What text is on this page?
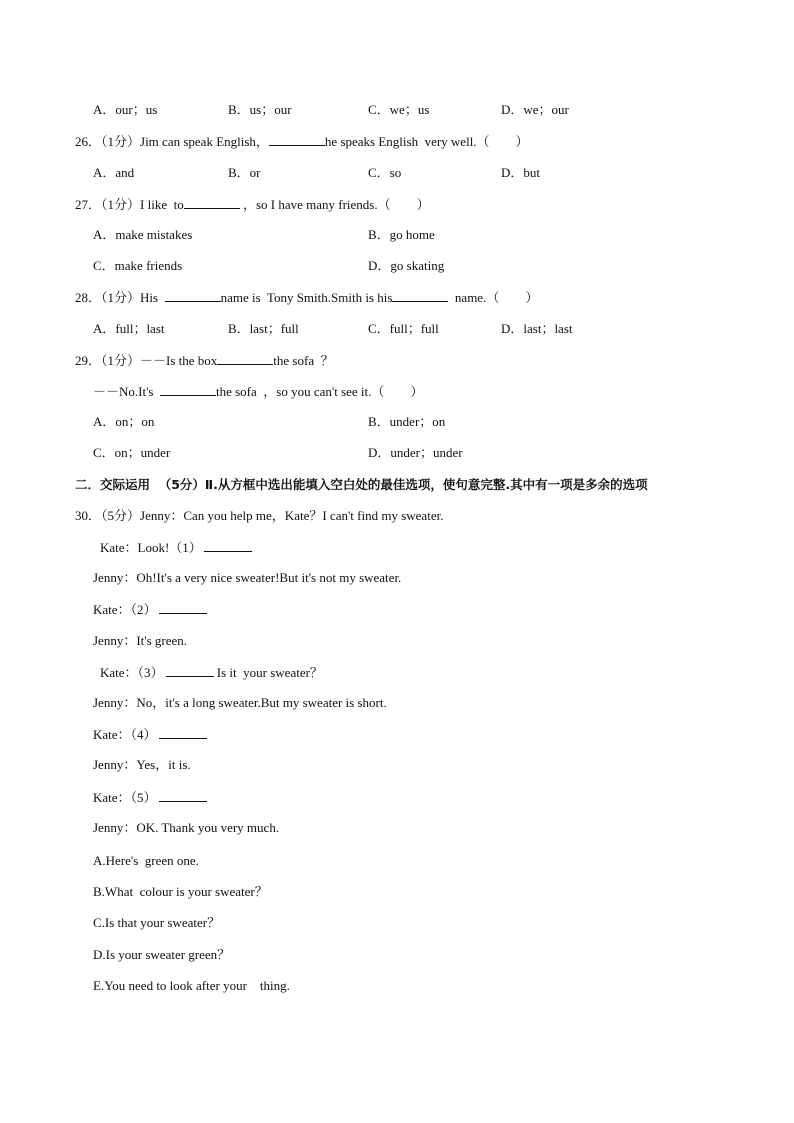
A．our；us	B．us；our	C．we；us	D．we；our
26．（1分）Jim can speak English，	he speaks English  very well.（　　）
A．and	B．or	C．so	D．but
27．（1分）I like  to	，so I have many friends.（　　）
A．make mistakes	B．go home
C．make friends	D．go skating
28．（1分）His	name is  Tony Smith.Smith is his	name.（　　）
A．full；last	B．last；full	C．full；full	D．last；last
29．（1分）－－Is the box	the sofa  ？
－－No.It's	the sofa  ，so you can't see it.（　　）
A．on；on	B．under；on
C．on；under	D．under；under
二．交际运用  （5分）Ⅱ.从方框中选出能填入空白处的最佳选项，使句意完整.其中有一项是多余的选项
30．（5分）Jenny：Can you help me，Kate？I can't find my sweater.
Kate：Look!（1）
Jenny：Oh!It's a very nice sweater!But it's not my sweater.
Kate：（2）
Jenny：It's green.
Kate：（3）	Is it  your sweater？
Jenny：No，it's a long sweater.But my sweater is short.
Kate：（4）
Jenny：Yes，it is.
Kate：（5）
Jenny：OK. Thank you very much.
A.Here's  green one.
B.What  colour is your sweater？
C.Is that your sweater？
D.Is your sweater green？
E.You need to look after your    thing.
